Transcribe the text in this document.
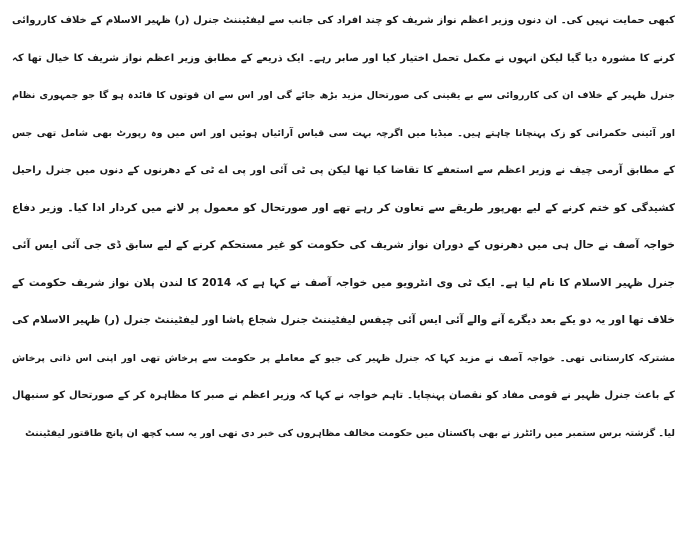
کبھی حمایت نہیں کی۔ ان دنوں وزیر اعظم نواز شریف کو چند افراد کی جانب سے لیفٹیننٹ جنرل (ر) ظہیر الاسلام کے خلاف کارروائی
کرنے کا مشورہ دیا گیا لیکن انہوں نے مکمل تحمل اختیار کیا اور صابر رہے۔ ایک ذریعے کے مطابق وزیر اعظم نواز شریف کا خیال تھا کہ
جنرل ظہیر کے خلاف ان کی کارروائی سے بے یقینی کی صورتحال مزید بڑھ جائے گی اور اس سے ان قوتوں کا فائدہ ہو گا جو جمہوری نظام
اور آئینی حکمرانی کو زک پہنچانا چاہتے ہیں۔ میڈیا میں اگرچہ بہت سی قیاس آرائیاں ہوئیں اور اس میں وہ رپورٹ بھی شامل تھی جس
کے مطابق آرمی چیف نے وزیر اعظم سے استعفے کا تقاضا کیا تھا لیکن پی ٹی آئی اور پی اے ٹی کے دھرنوں کے دنوں میں جنرل راحیل
کشیدگی کو ختم کرنے کے لیے بھرپور طریقے سے تعاون کر رہے تھے اور صورتحال کو معمول پر لانے میں کردار ادا کیا۔ وزیر دفاع
خواجہ آصف نے حال ہی میں دھرنوں کے دوران نواز شریف کی حکومت کو غیر مستحکم کرنے کے لیے سابق ڈی جی آئی ایس آئی
جنرل ظہیر الاسلام کا نام لیا ہے۔ ایک ٹی وی انٹرویو میں خواجہ آصف نے کہا ہے کہ 2014 کا لندن پلان نواز شریف حکومت کے
خلاف تھا اور یہ دو یکے بعد دیگرے آنے والے آئی ایس آئی چیفس لیفٹیننٹ جنرل شجاع پاشا اور لیفٹیننٹ جنرل (ر) ظہیر الاسلام کی
مشترکہ کارستانی تھی۔ خواجہ آصف نے مزید کہا کہ جنرل ظہیر کی جیو کے معاملے پر حکومت سے پرخاش تھی اور اپنی اس ذاتی پرخاش
کے باعث جنرل ظہیر نے قومی مفاد کو نقصان پہنچایا۔ تاہم خواجہ نے کہا کہ وزیر اعظم نے صبر کا مظاہرہ کر کے صورتحال کو سنبھال
لیا۔ گزشتہ برس ستمبر میں رائٹرز نے بھی پاکستان میں حکومت مخالف مظاہروں کی خبر دی تھی اور یہ سب کچھ ان پانچ طاقتور لیفٹیننٹ
